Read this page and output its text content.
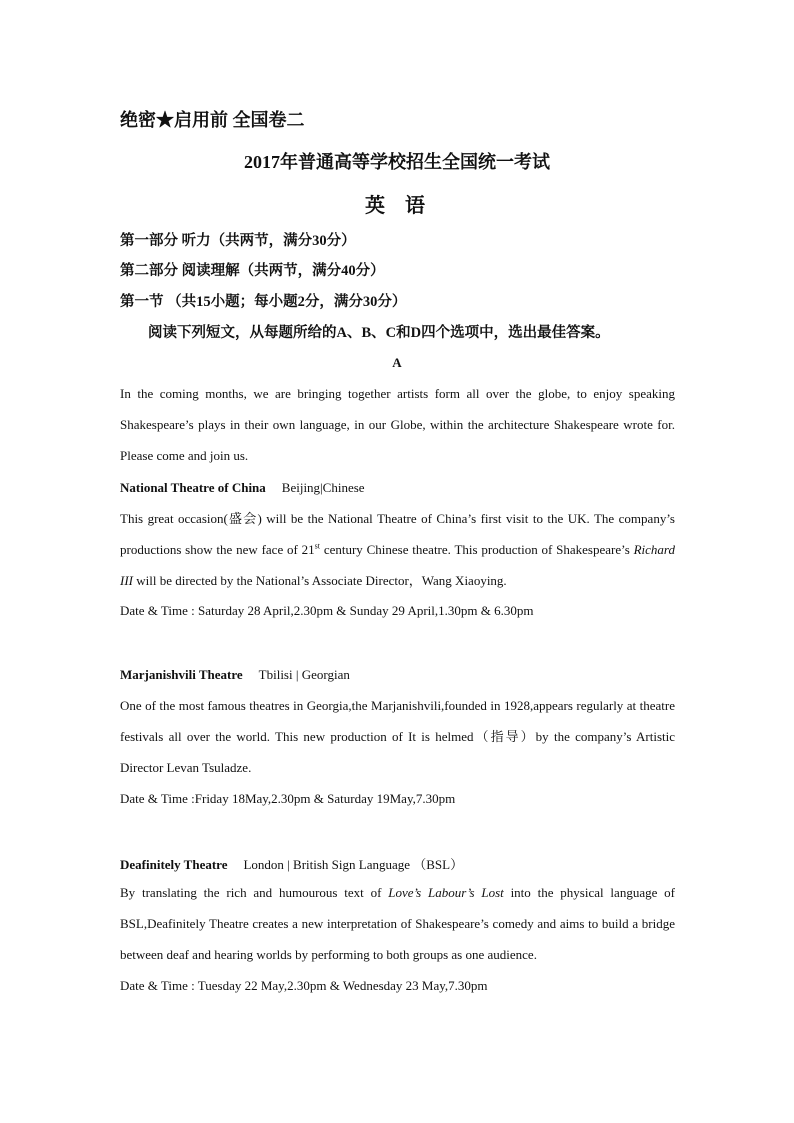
绝密★启用前 全国卷二
2017年普通高等学校招生全国统一考试
英语
第一部分 听力（共两节，满分30分）
第二部分 阅读理解（共两节，满分40分）
第一节 （共15小题；每小题2分，满分30分）
阅读下列短文，从每题所给的A、B、C和D四个选项中，选出最佳答案。
A
In the coming months, we are bringing together artists form all over the globe, to enjoy speaking Shakespeare’s plays in their own language, in our Globe, within the architecture Shakespeare wrote for. Please come and join us.
National Theatre of China Beijing|Chinese
This great occasion(盛会) will be the National Theatre of China’s first visit to the UK. The company’s productions show the new face of 21st century Chinese theatre. This production of Shakespeare’s Richard III will be directed by the National’s Associate Director，Wang Xiaoying.
Date & Time : Saturday 28 April,2.30pm & Sunday 29 April,1.30pm & 6.30pm
Marjanishvili Theatre Tbilisi | Georgian
One of the most famous theatres in Georgia,the Marjanishvili,founded in 1928,appears regularly at theatre festivals all over the world. This new production of It is helmed（指导）by the company’s Artistic Director Levan Tsuladze.
Date & Time :Friday 18May,2.30pm & Saturday 19May,7.30pm
Deafinitely Theatre London | British Sign Language （BSL）
By translating the rich and humourous text of Love’s Labour’s Lost into the physical language of BSL,Deafinitely Theatre creates a new interpretation of Shakespeare’s comedy and aims to build a bridge between deaf and hearing worlds by performing to both groups as one audience.
Date & Time : Tuesday 22 May,2.30pm & Wednesday 23 May,7.30pm
